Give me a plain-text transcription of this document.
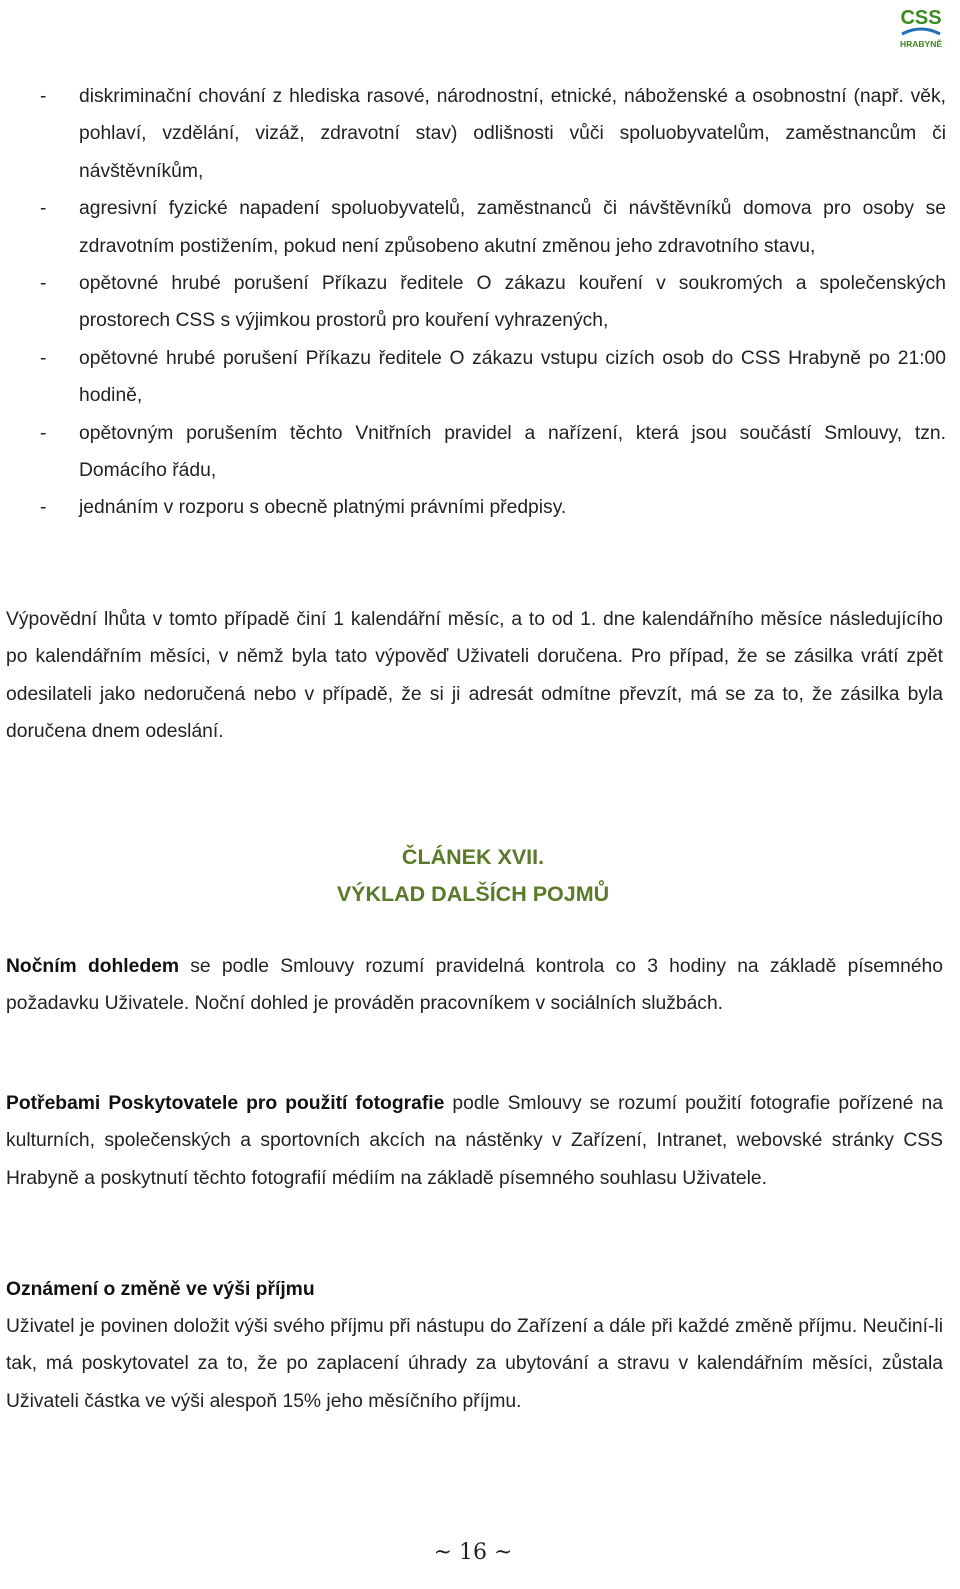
CSS
HRABYNĚ
- diskriminační chování z hlediska rasové, národnostní, etnické, náboženské a osobnostní (např. věk, pohlaví, vzdělání, vizáž, zdravotní stav) odlišnosti vůči spoluobyvatelům, zaměstnancům či návštěvníkům,
- agresivní fyzické napadení spoluobyvatelů, zaměstnanců či návštěvníků domova pro osoby se zdravotním postižením, pokud není způsobeno akutní změnou jeho zdravotního stavu,
- opětovné hrubé porušení Příkazu ředitele O zákazu kouření v soukromých a společenských prostorech CSS s výjimkou prostorů pro kouření vyhrazených,
- opětovné hrubé porušení Příkazu ředitele O zákazu vstupu cizích osob do CSS Hrabyně po 21:00 hodině,
- opětovným porušením těchto Vnitřních pravidel a nařízení, která jsou součástí Smlouvy, tzn. Domácího řádu,
- jednáním v rozporu s obecně platnými právními předpisy.

Výpovědní lhůta v tomto případě činí 1 kalendářní měsíc, a to od 1. dne kalendářního měsíce následujícího po kalendářním měsíci, v němž byla tato výpověď Uživateli doručena. Pro případ, že se zásilka vrátí zpět odesilateli jako nedoručená nebo v případě, že si ji adresát odmítne převzít, má se za to, že zásilka byla doručena dnem odeslání.

ČLÁNEK XVII.

VÝKLAD DALŠÍCH POJMŮ

Nočním dohledem se podle Smlouvy rozumí pravidelná kontrola co 3 hodiny na základě písemného požadavku Uživatele. Noční dohled je prováděn pracovníkem v sociálních službách.

Potřebami Poskytovatele pro použití fotografie podle Smlouvy se rozumí použití fotografie pořízené na kulturních, společenských a sportovních akcích na nástěnky v Zařízení, Intranet, webovské stránky CSS Hrabyně a poskytnutí těchto fotografií médiím na základě písemného souhlasu Uživatele.

Oznámení o změně ve výši příjmu

Uživatel je povinen doložit výši svého příjmu při nástupu do Zařízení a dále při každé změně příjmu. Neučiní-li tak, má poskytovatel za to, že po zaplacení úhrady za ubytování a stravu v kalendářním měsíci, zůstala Uživateli částka ve výši alespoň 15% jeho měsíčního příjmu.

~ 16 ~
